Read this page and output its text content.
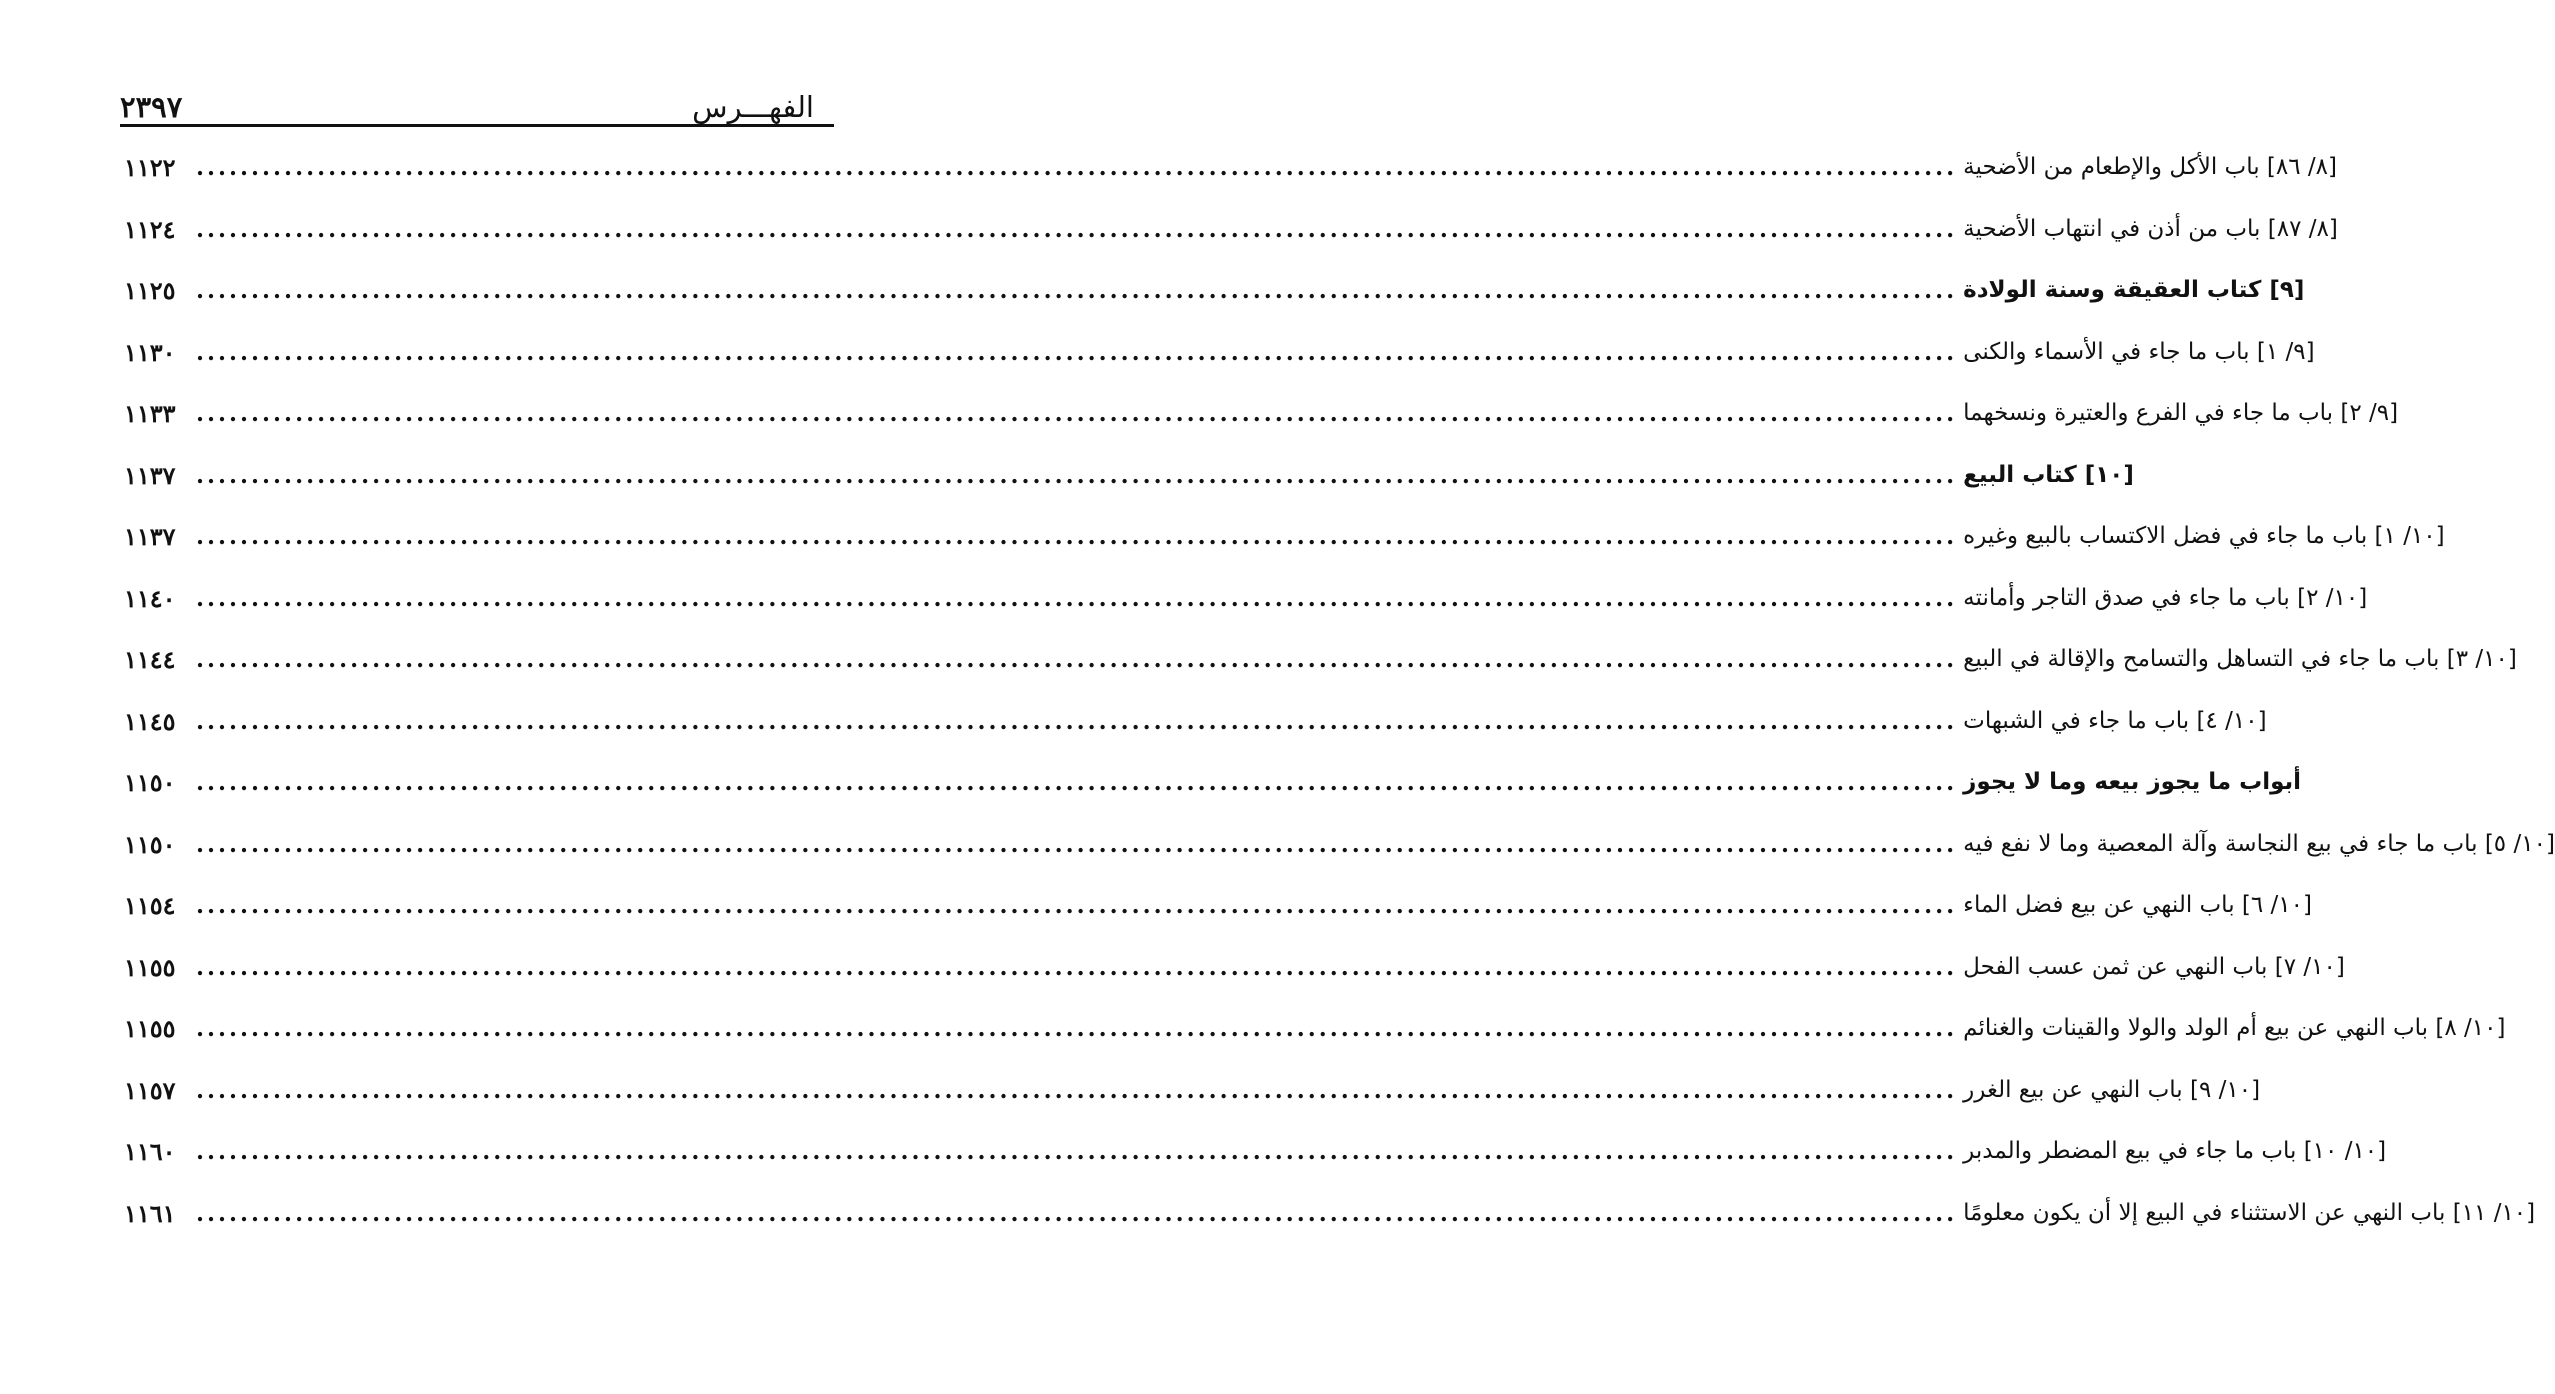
الفهـــرس
٢٣٩٧
١١٢٢ ................................................................................................................................................................ [٨/ ٨٦] باب الأكل والإطعام من الأضحية
١١٢٤ ................................................................................................................................................................ [٨/ ٨٧] باب من أذن في انتهاب الأضحية
١١٢٥ ................................................................................................................................................................ [٩] كتاب العقيقة وسنة الولادة
١١٣٠ ................................................................................................................................................................ [٩/ ١] باب ما جاء في الأسماء والكنى
١١٣٣ ................................................................................................................................................................ [٩/ ٢] باب ما جاء في الفرع والعتيرة ونسخهما
١١٣٧ ................................................................................................................................................................ [١٠] كتاب البيع
١١٣٧ ................................................................................................................................................................ [١٠/ ١] باب ما جاء في فضل الاكتساب بالبيع وغيره
١١٤٠ ................................................................................................................................................................ [١٠/ ٢] باب ما جاء في صدق التاجر وأمانته
١١٤٤ ................................................................................................................................................................ [١٠/ ٣] باب ما جاء في التساهل والتسامح والإقالة في البيع
١١٤٥ ................................................................................................................................................................ [١٠/ ٤] باب ما جاء في الشبهات
١١٥٠ ................................................................................................................................................................ أبواب ما يجوز بيعه وما لا يجوز
١١٥٠ ................................................................................................................................................................ [١٠/ ٥] باب ما جاء في بيع النجاسة وآلة المعصية وما لا نفع فيه
١١٥٤ ................................................................................................................................................................ [١٠/ ٦] باب النهي عن بيع فضل الماء
١١٥٥ ................................................................................................................................................................ [١٠/ ٧] باب النهي عن ثمن عسب الفحل
١١٥٥ ................................................................................................................................................................ [١٠/ ٨] باب النهي عن بيع أم الولد والولا والقينات والغنائم
١١٥٧ ................................................................................................................................................................ [١٠/ ٩] باب النهي عن بيع الغرر
١١٦٠ ................................................................................................................................................................ [١٠/ ١٠] باب ما جاء في بيع المضطر والمدبر
١١٦١ ................................................................................................................................................................ [١٠/ ١١] باب النهي عن الاستثناء في البيع إلا أن يكون معلومًا
